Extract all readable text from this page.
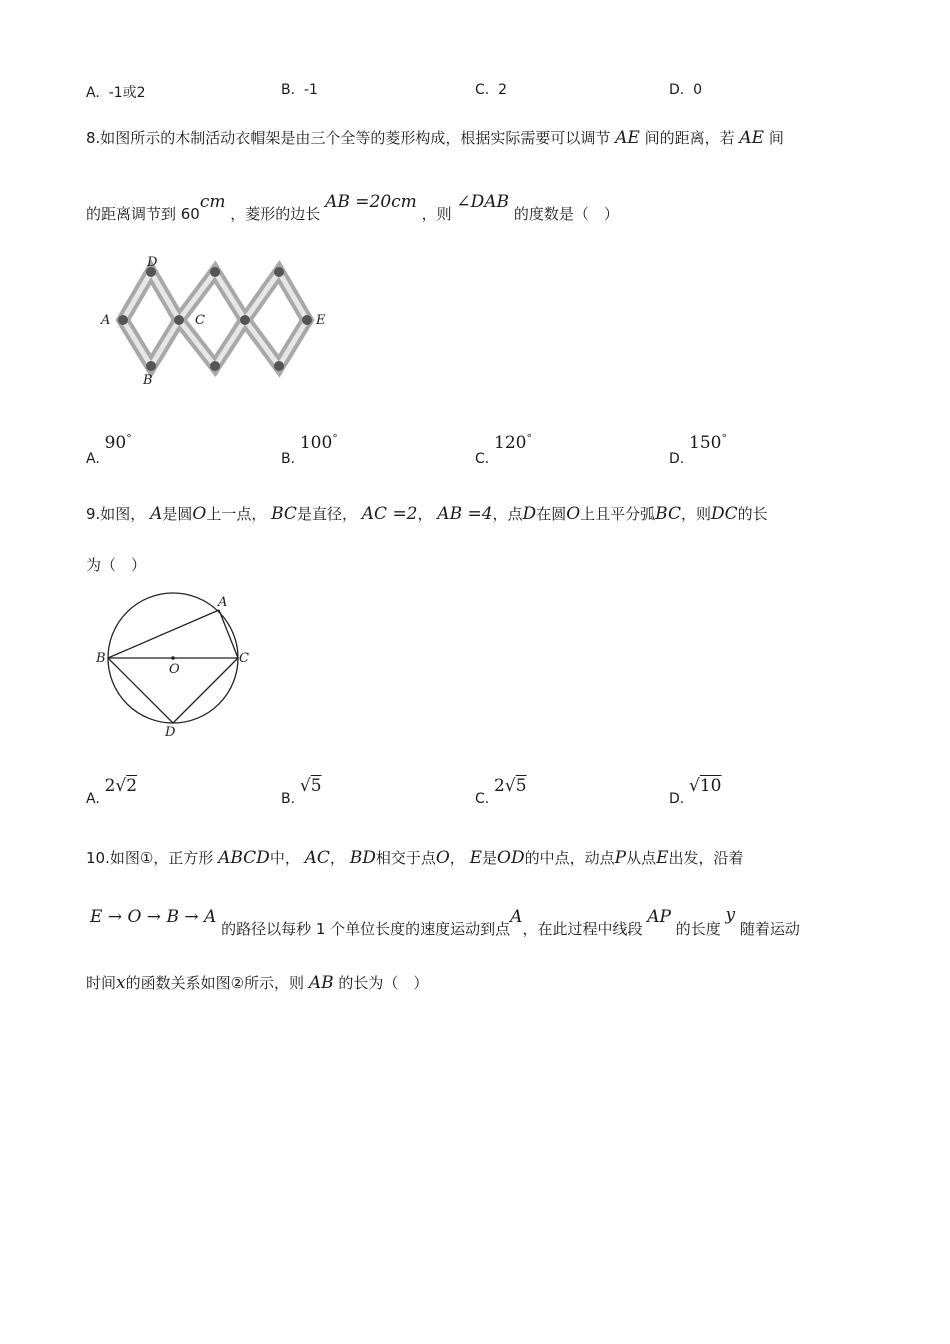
A. -1或2	B. -1	C. 2	D. 0
8.如图所示的木制活动衣帽架是由三个全等的菱形构成，根据实际需要可以调节 AE 间的距离，若 AE 间
的距离调节到 60cm ，菱形的边长 AB =20cm ，则 ∠DAB 的度数是（　）
A
D
C
B
E
A. 90°
B. 100°
C. 120°
D. 150°
9.如图， A是圆O上一点， BC是直径， AC =2， AB =4，点D在圆O上且平分弧BC，则DC的长
为（　）
A
B	C
O
D
A. 2√2
B. √5
C. 2√5
D. √10
10.如图①，正方形 ABCD中， AC， BD相交于点O， E是OD的中点，动点P从点E出发，沿着
E → O → B → A 的路径以每秒 1 个单位长度的速度运动到点A，在此过程中线段 AP 的长度 y 随着运动
时间x的函数关系如图②所示，则 AB 的长为（　）
